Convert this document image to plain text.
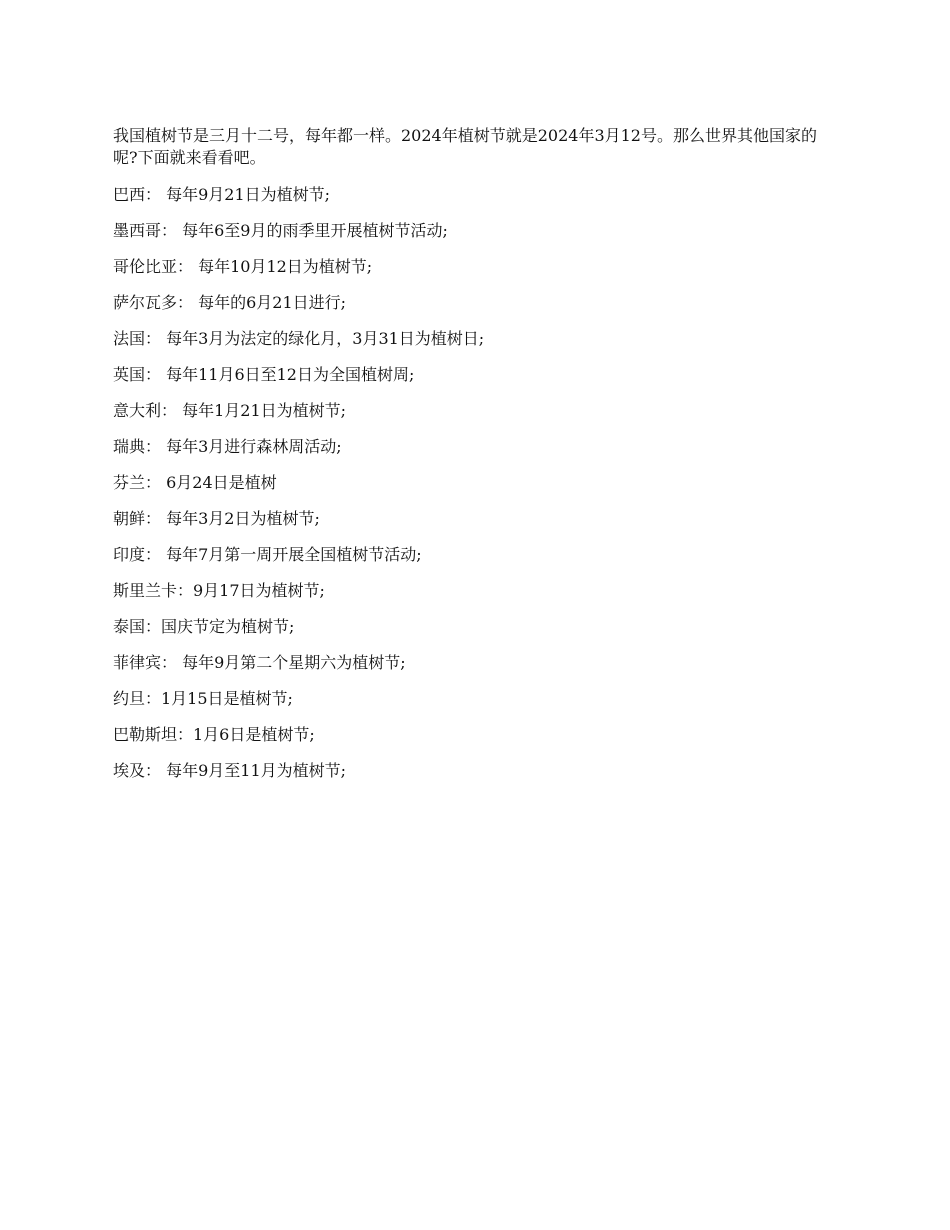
我国植树节是三月十二号，每年都一样。2024年植树节就是2024年3月12号。那么世界其他国家的呢?下面就来看看吧。

巴西： 每年9月21日为植树节;
墨西哥： 每年6至9月的雨季里开展植树节活动;
哥伦比亚： 每年10月12日为植树节;
萨尔瓦多： 每年的6月21日进行;
法国： 每年3月为法定的绿化月，3月31日为植树日;
英国： 每年11月6日至12日为全国植树周;
意大利： 每年1月21日为植树节;
瑞典： 每年3月进行森林周活动;
芬兰： 6月24日是植树
朝鲜： 每年3月2日为植树节;
印度： 每年7月第一周开展全国植树节活动;
斯里兰卡：9月17日为植树节;
泰国：国庆节定为植树节;
菲律宾： 每年9月第二个星期六为植树节;
约旦：1月15日是植树节;
巴勒斯坦：1月6日是植树节;
埃及： 每年9月至11月为植树节;
